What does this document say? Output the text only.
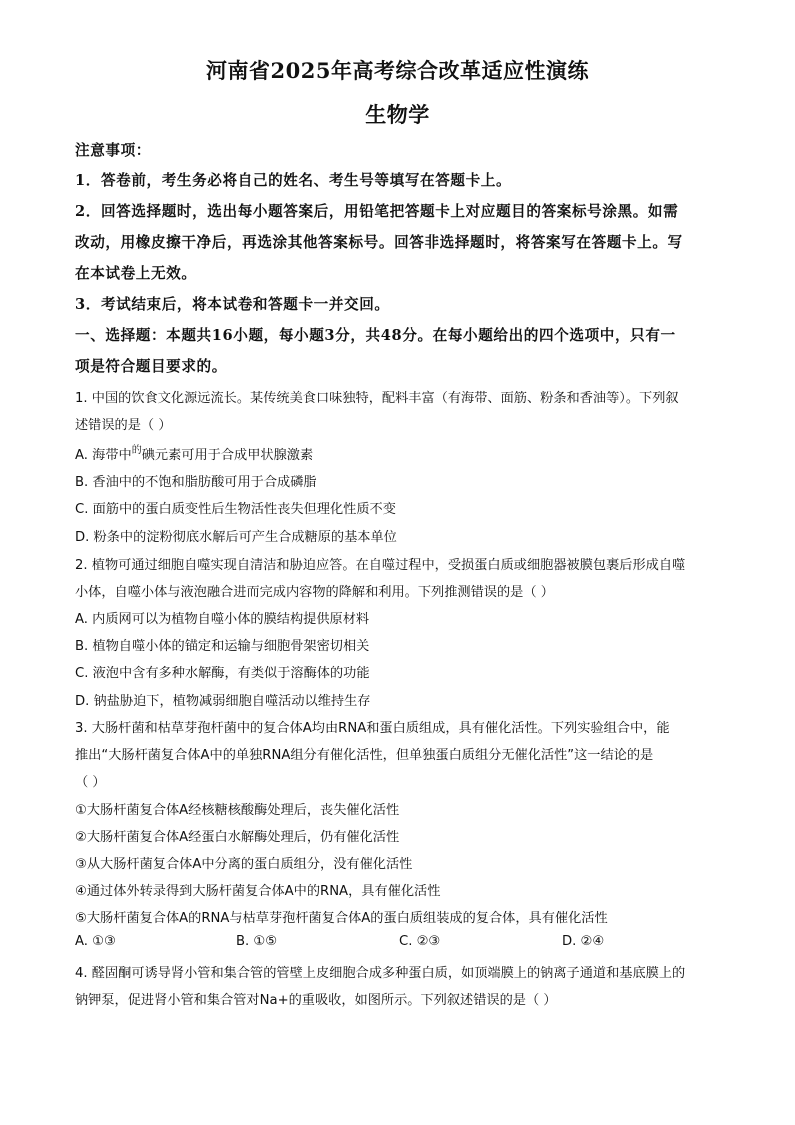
河南省2025年高考综合改革适应性演练
生物学
注意事项：
1．答卷前，考生务必将自己的姓名、考生号等填写在答题卡上。
2．回答选择题时，选出每小题答案后，用铅笔把答题卡上对应题目的答案标号涂黑。如需
改动，用橡皮擦干净后，再选涂其他答案标号。回答非选择题时，将答案写在答题卡上。写
在本试卷上无效。
3．考试结束后，将本试卷和答题卡一并交回。
一、选择题：本题共16小题，每小题3分，共48分。在每小题给出的四个选项中，只有一
项是符合题目要求的。
1. 中国的饮食文化源远流长。某传统美食口味独特，配料丰富（有海带、面筋、粉条和香油等）。下列叙
述错误的是（ ）
A. 海带中$^的$碘元素可用于合成甲状腺激素
B. 香油中的不饱和脂肪酸可用于合成磷脂
C. 面筋中的蛋白质变性后生物活性丧失但理化性质不变
D. 粉条中的淀粉彻底水解后可产生合成糖原的基本单位
2. 植物可通过细胞自噬实现自清洁和胁迫应答。在自噬过程中，受损蛋白质或细胞器被膜包裹后形成自噬
小体，自噬小体与液泡融合进而完成内容物的降解和利用。下列推测错误的是（ ）
A. 内质网可以为植物自噬小体的膜结构提供原材料
B. 植物自噬小体的锚定和运输与细胞骨架密切相关
C. 液泡中含有多种水解酶，有类似于溶酶体的功能
D. 钠盐胁迫下，植物减弱细胞自噬活动以维持生存
3. 大肠杆菌和枯草芽孢杆菌中的复合体A均由RNA和蛋白质组成，具有催化活性。下列实验组合中，能
推出“大肠杆菌复合体A中的单独RNA组分有催化活性，但单独蛋白质组分无催化活性”这一结论的是
（ ）
①大肠杆菌复合体A经核糖核酸酶处理后，丧失催化活性
②大肠杆菌复合体A经蛋白水解酶处理后，仍有催化活性
③从大肠杆菌复合体A中分离的蛋白质组分，没有催化活性
④通过体外转录得到大肠杆菌复合体A中的RNA，具有催化活性
⑤大肠杆菌复合体A的RNA与枯草芽孢杆菌复合体A的蛋白质组装成的复合体，具有催化活性
A. ①③	B. ①⑤	C. ②③	D. ②④
4. 醛固酮可诱导肾小管和集合管的管壁上皮细胞合成多种蛋白质，如顶端膜上的钠离子通道和基底膜上的
钠钾泵，促进肾小管和集合管对Na+的重吸收，如图所示。下列叙述错误的是（ ）
